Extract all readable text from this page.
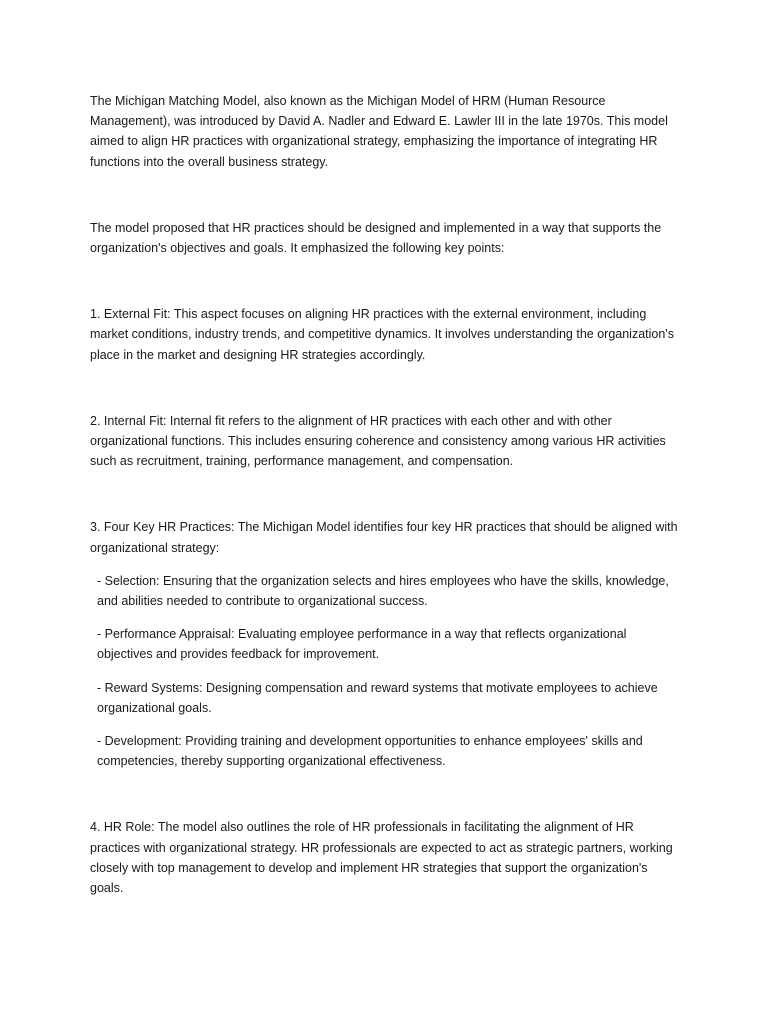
The Michigan Matching Model, also known as the Michigan Model of HRM (Human Resource Management), was introduced by David A. Nadler and Edward E. Lawler III in the late 1970s. This model aimed to align HR practices with organizational strategy, emphasizing the importance of integrating HR functions into the overall business strategy.

The model proposed that HR practices should be designed and implemented in a way that supports the organization's objectives and goals. It emphasized the following key points:

1. External Fit: This aspect focuses on aligning HR practices with the external environment, including market conditions, industry trends, and competitive dynamics. It involves understanding the organization's place in the market and designing HR strategies accordingly.

2. Internal Fit: Internal fit refers to the alignment of HR practices with each other and with other organizational functions. This includes ensuring coherence and consistency among various HR activities such as recruitment, training, performance management, and compensation.

3. Four Key HR Practices: The Michigan Model identifies four key HR practices that should be aligned with organizational strategy:

- Selection: Ensuring that the organization selects and hires employees who have the skills, knowledge, and abilities needed to contribute to organizational success.

- Performance Appraisal: Evaluating employee performance in a way that reflects organizational objectives and provides feedback for improvement.

- Reward Systems: Designing compensation and reward systems that motivate employees to achieve organizational goals.

- Development: Providing training and development opportunities to enhance employees' skills and competencies, thereby supporting organizational effectiveness.

4. HR Role: The model also outlines the role of HR professionals in facilitating the alignment of HR practices with organizational strategy. HR professionals are expected to act as strategic partners, working closely with top management to develop and implement HR strategies that support the organization's goals.
